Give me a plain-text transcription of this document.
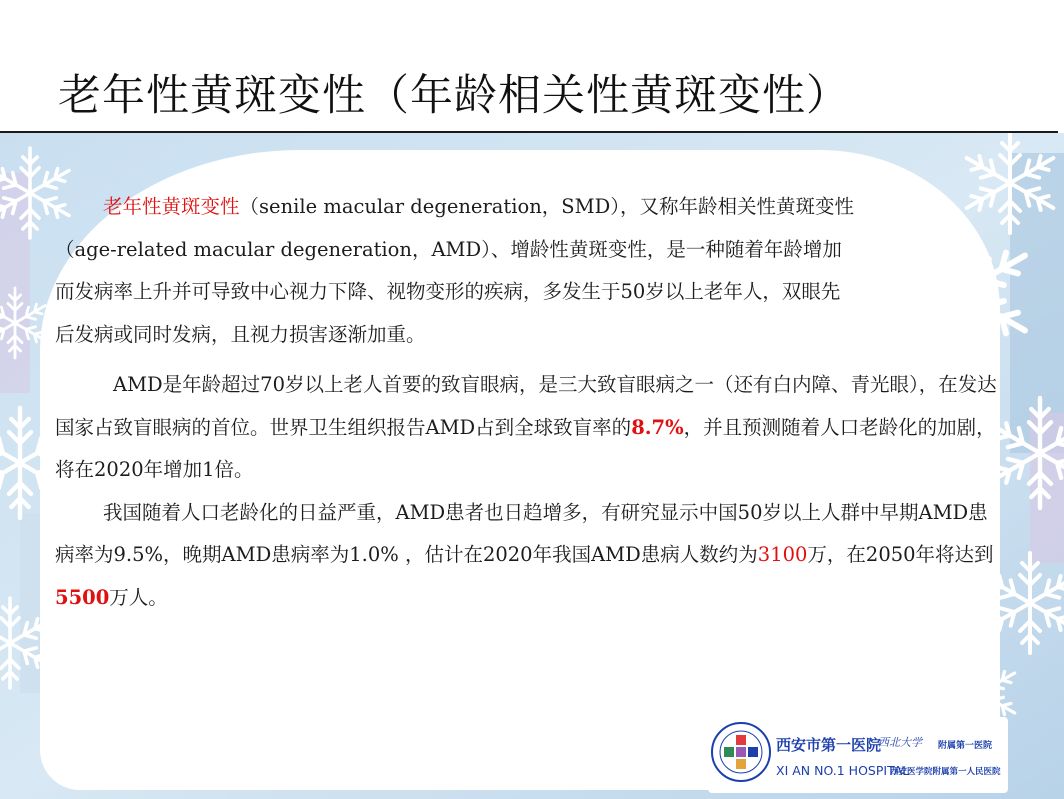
老年性黄斑变性（年龄相关性黄斑变性）

老年性黄斑变性（senile macular degeneration，SMD），又称年龄相关性黄斑变性（age-related macular degeneration，AMD）、增龄性黄斑变性，是一种随着年龄增加而发病率上升并可导致中心视力下降、视物变形的疾病，多发生于50岁以上老年人，双眼先后发病或同时发病，且视力损害逐渐加重。

AMD是年龄超过70岁以上老人首要的致盲眼病，是三大致盲眼病之一（还有白内障、青光眼），在发达国家占致盲眼病的首位。世界卫生组织报告AMD占到全球致盲率的8.7%，并且预测随着人口老龄化的加剧，将在2020年增加1倍。

我国随着人口老龄化的日益严重，AMD患者也日趋增多，有研究显示中国50岁以上人群中早期AMD患病率为9.5%，晚期AMD患病率为1.0% ，估计在2020年我国AMD患病人数约为3100万，在2050年将达到5500万人。

西安市第一医院
西北大学 附属第一医院
XI AN NO.1 HOSPITAL
西安医学院附属第一人民医院
